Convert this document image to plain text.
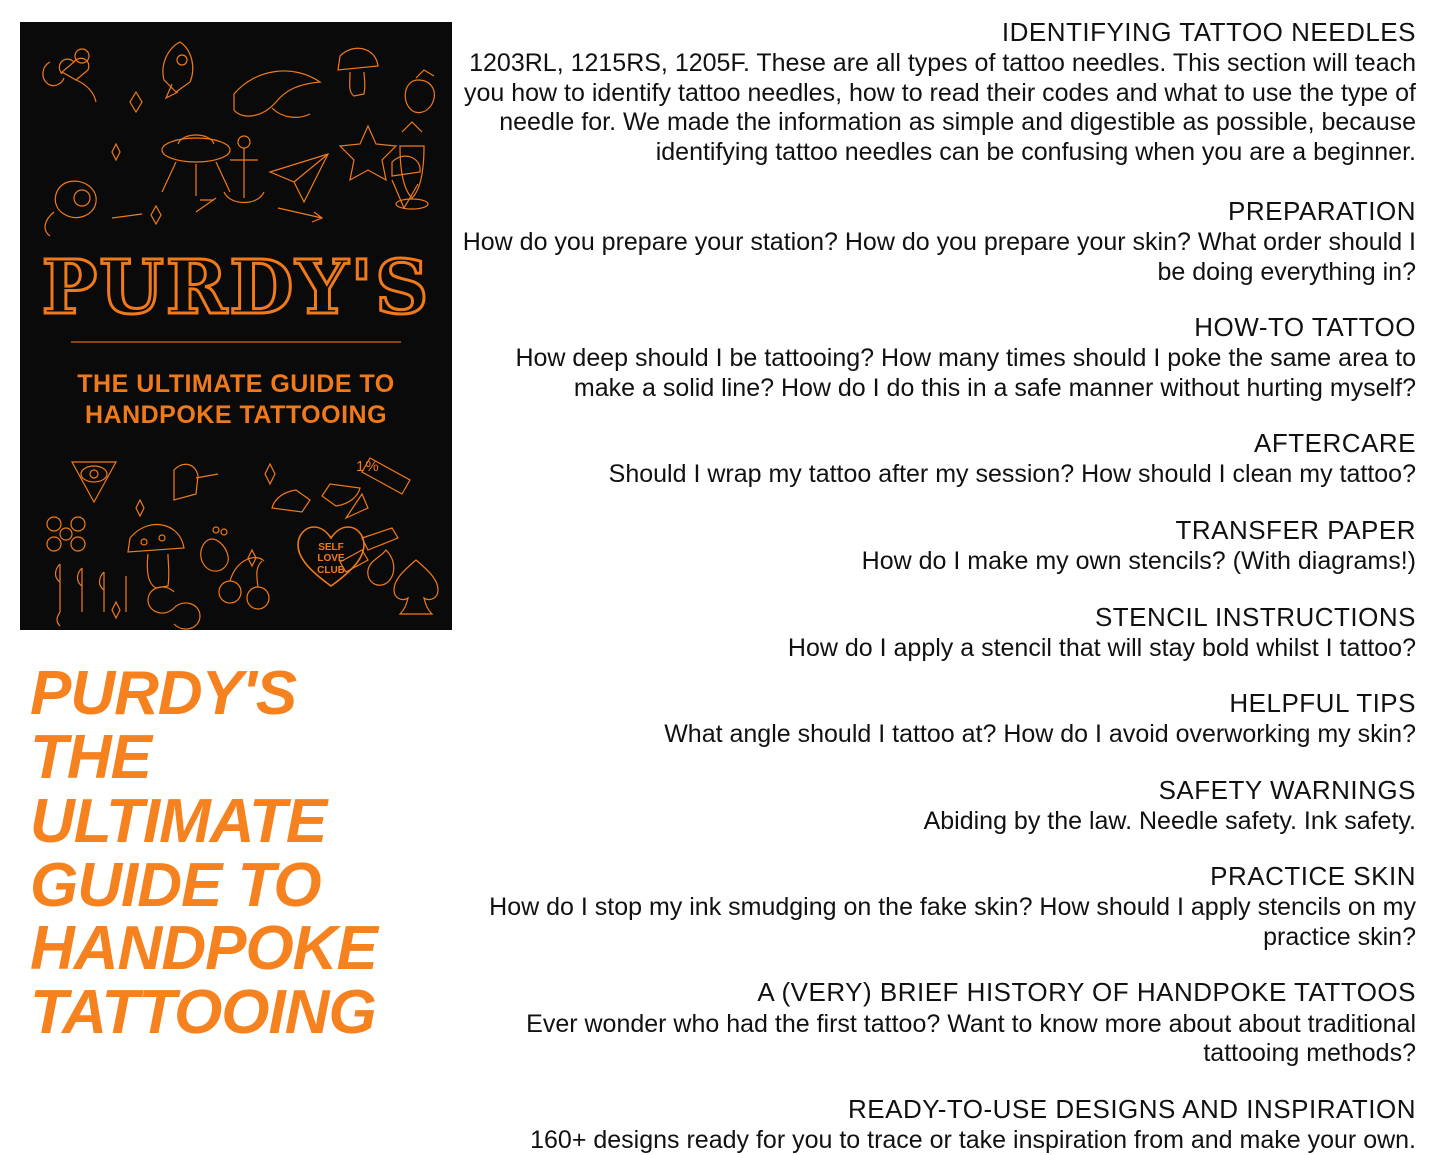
PURDY'S

THE ULTIMATE GUIDE TO
HANDPOKE TATTOOING

1%
SELF
LOVE
CLUB
PURDY'S
THE
ULTIMATE
GUIDE TO
HANDPOKE
TATTOOING
IDENTIFYING TATTOO NEEDLES

1203RL, 1215RS, 1205F. These are all types of tattoo needles. This section will teach you how to identify tattoo needles, how to read their codes and what to use the type of needle for. We made the information as simple and digestible as possible, because identifying tattoo needles can be confusing when you are a beginner.

PREPARATION

How do you prepare your station? How do you prepare your skin? What order should I be doing everything in?

HOW-TO TATTOO

How deep should I be tattooing? How many times should I poke the same area to make a solid line? How do I do this in a safe manner without hurting myself?

AFTERCARE

Should I wrap my tattoo after my session? How should I clean my tattoo?

TRANSFER PAPER

How do I make my own stencils? (With diagrams!)

STENCIL INSTRUCTIONS

How do I apply a stencil that will stay bold whilst I tattoo?

HELPFUL TIPS

What angle should I tattoo at? How do I avoid overworking my skin?

SAFETY WARNINGS

Abiding by the law. Needle safety. Ink safety.

PRACTICE SKIN

How do I stop my ink smudging on the fake skin? How should I apply stencils on my practice skin?

A (VERY) BRIEF HISTORY OF HANDPOKE TATTOOS

Ever wonder who had the first tattoo? Want to know more about about traditional tattooing methods?

READY-TO-USE DESIGNS AND INSPIRATION

160+ designs ready for you to trace or take inspiration from and make your own.
